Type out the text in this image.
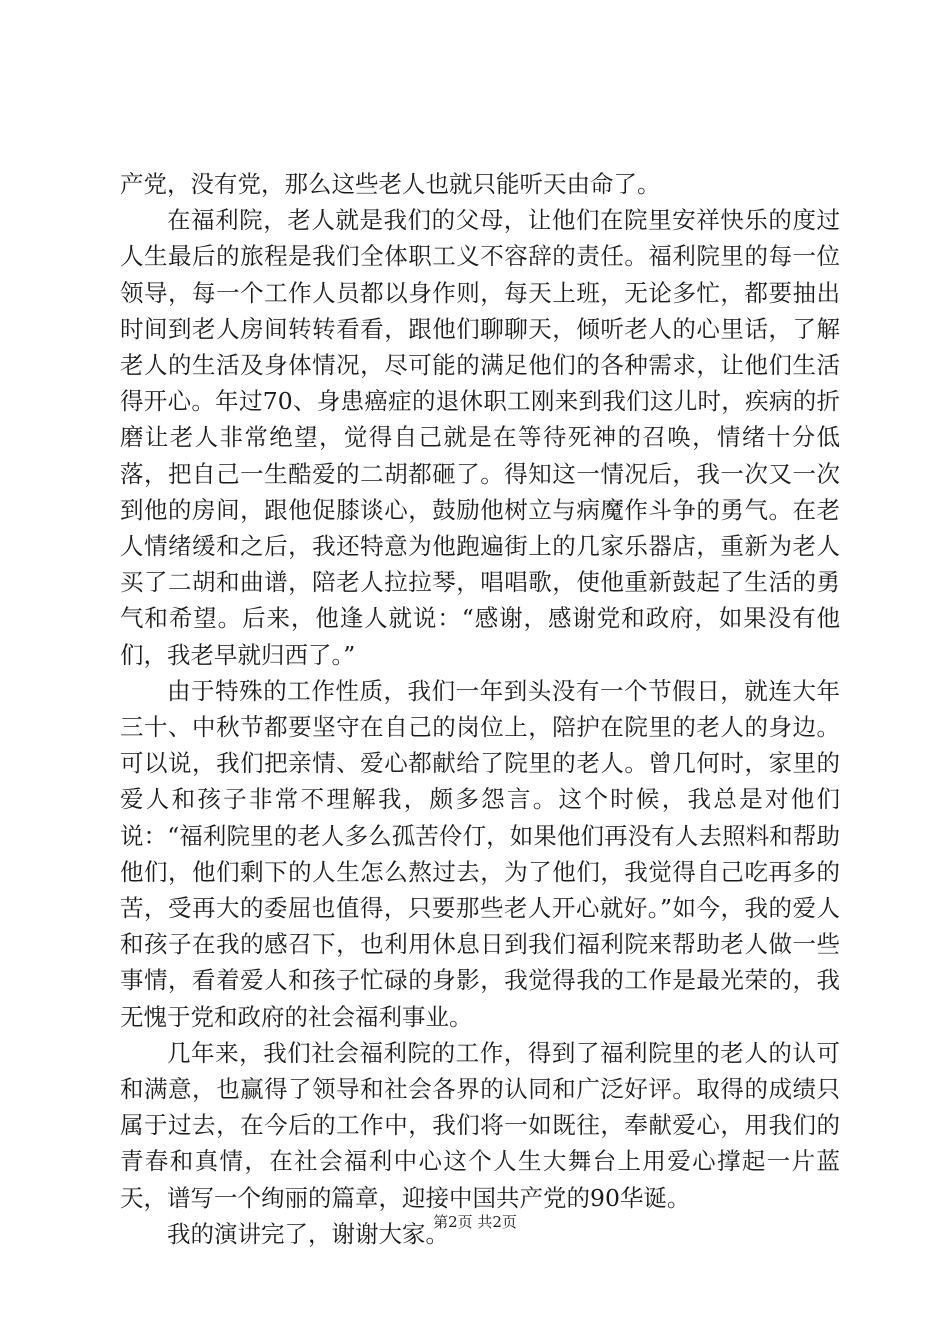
产党，没有党，那么这些老人也就只能听天由命了。

在福利院，老人就是我们的父母，让他们在院里安祥快乐的度过人生最后的旅程是我们全体职工义不容辞的责任。福利院里的每一位领导，每一个工作人员都以身作则，每天上班，无论多忙，都要抽出时间到老人房间转转看看，跟他们聊聊天，倾听老人的心里话，了解老人的生活及身体情况，尽可能的满足他们的各种需求，让他们生活得开心。年过70、身患癌症的退休职工刚来到我们这儿时，疾病的折磨让老人非常绝望，觉得自己就是在等待死神的召唤，情绪十分低落，把自己一生酷爱的二胡都砸了。得知这一情况后，我一次又一次到他的房间，跟他促膝谈心，鼓励他树立与病魔作斗争的勇气。在老人情绪缓和之后，我还特意为他跑遍街上的几家乐器店，重新为老人买了二胡和曲谱，陪老人拉拉琴，唱唱歌，使他重新鼓起了生活的勇气和希望。后来，他逢人就说：“感谢，感谢党和政府，如果没有他们，我老早就归西了。”

由于特殊的工作性质，我们一年到头没有一个节假日，就连大年三十、中秋节都要坚守在自己的岗位上，陪护在院里的老人的身边。可以说，我们把亲情、爱心都献给了院里的老人。曾几何时，家里的爱人和孩子非常不理解我，颇多怨言。这个时候，我总是对他们说：“福利院里的老人多么孤苦伶仃，如果他们再没有人去照料和帮助他们，他们剩下的人生怎么熬过去，为了他们，我觉得自己吃再多的苦，受再大的委屈也值得，只要那些老人开心就好。”如今，我的爱人和孩子在我的感召下，也利用休息日到我们福利院来帮助老人做一些事情，看着爱人和孩子忙碌的身影，我觉得我的工作是最光荣的，我无愧于党和政府的社会福利事业。

几年来，我们社会福利院的工作，得到了福利院里的老人的认可和满意，也赢得了领导和社会各界的认同和广泛好评。取得的成绩只属于过去，在今后的工作中，我们将一如既往，奉献爱心，用我们的青春和真情，在社会福利中心这个人生大舞台上用爱心撑起一片蓝天，谱写一个绚丽的篇章，迎接中国共产党的90华诞。

我的演讲完了，谢谢大家。

第2页 共2页
